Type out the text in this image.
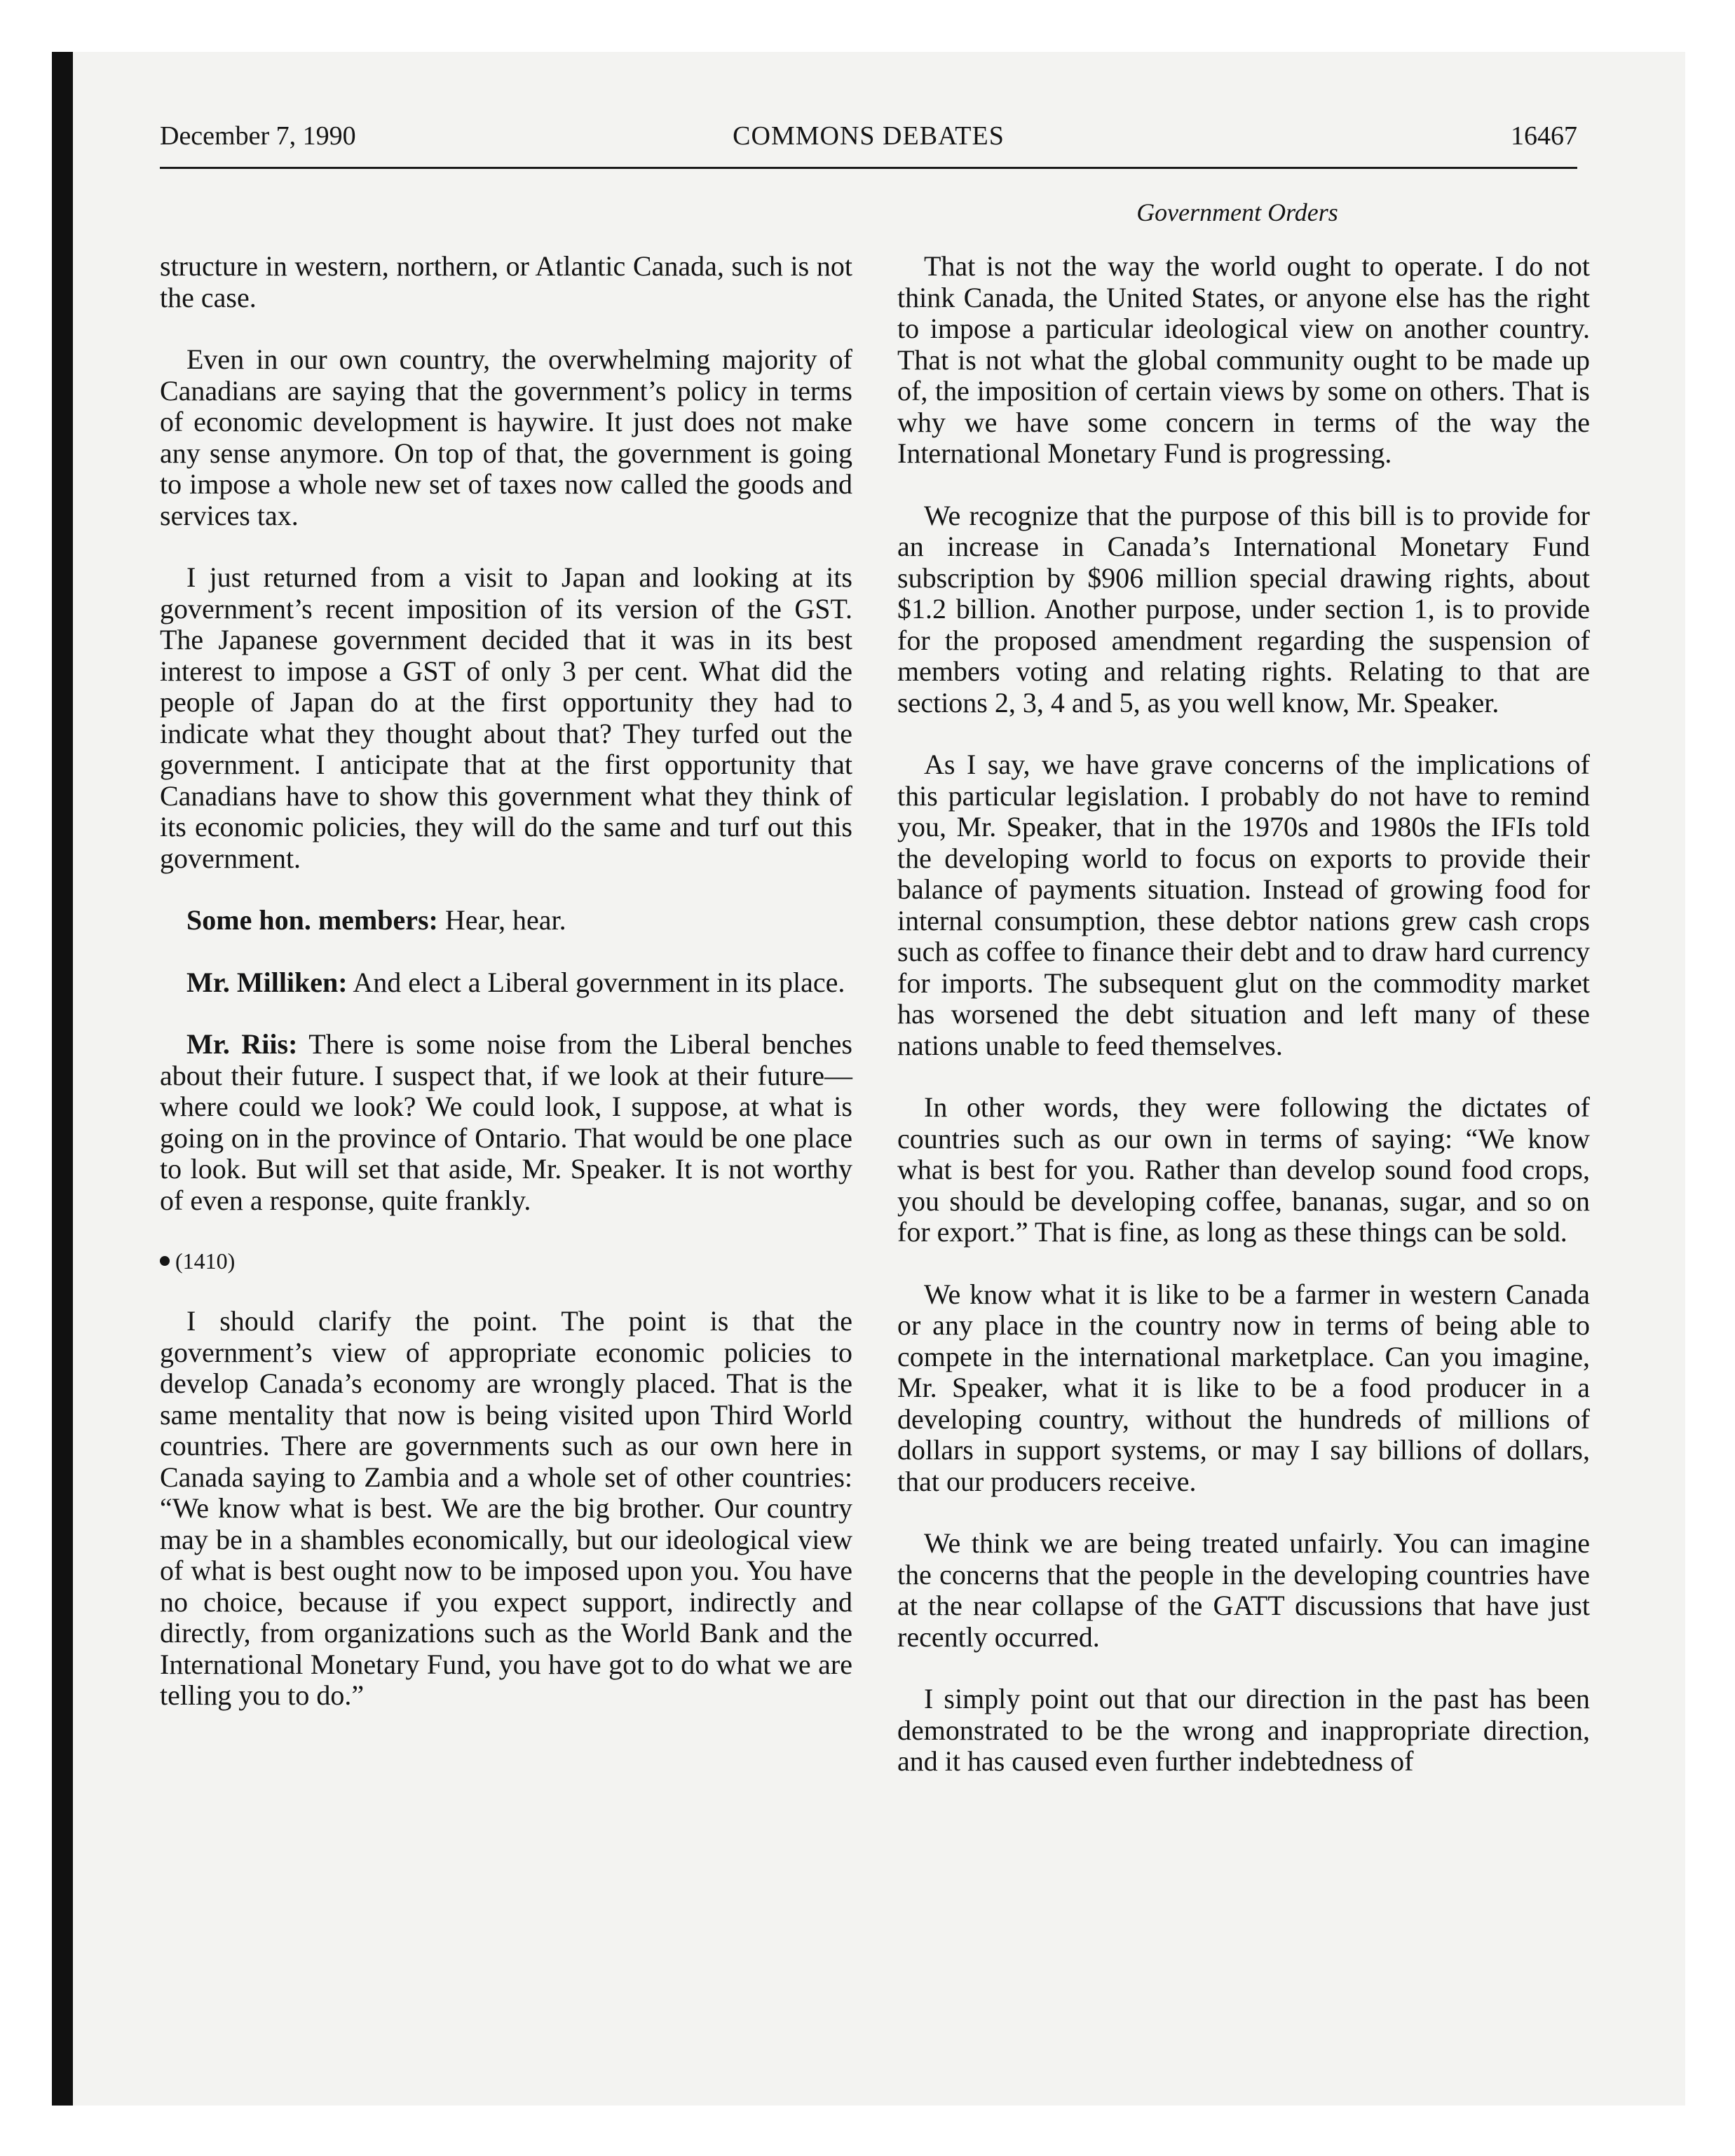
December 7, 1990	COMMONS DEBATES	16467
Government Orders

structure in western, northern, or Atlantic Canada, such is not the case.

Even in our own country, the overwhelming majority of Canadians are saying that the government’s policy in terms of economic development is haywire. It just does not make any sense anymore. On top of that, the government is going to impose a whole new set of taxes now called the goods and services tax.

I just returned from a visit to Japan and looking at its government’s recent imposition of its version of the GST. The Japanese government decided that it was in its best interest to impose a GST of only 3 per cent. What did the people of Japan do at the first opportunity they had to indicate what they thought about that? They turfed out the government. I anticipate that at the first opportunity that Canadians have to show this government what they think of its economic policies, they will do the same and turf out this government.

Some hon. members: Hear, hear.

Mr. Milliken: And elect a Liberal government in its place.

Mr. Riis: There is some noise from the Liberal benches about their future. I suspect that, if we look at their future—where could we look? We could look, I suppose, at what is going on in the province of Ontario. That would be one place to look. But will set that aside, Mr. Speaker. It is not worthy of even a response, quite frankly.

(1410)

I should clarify the point. The point is that the government’s view of appropriate economic policies to develop Canada’s economy are wrongly placed. That is the same mentality that now is being visited upon Third World countries. There are governments such as our own here in Canada saying to Zambia and a whole set of other countries: “We know what is best. We are the big brother. Our country may be in a shambles economically, but our ideological view of what is best ought now to be imposed upon you. You have no choice, because if you expect support, indirectly and directly, from organizations such as the World Bank and the International Monetary Fund, you have got to do what we are telling you to do.”

That is not the way the world ought to operate. I do not think Canada, the United States, or anyone else has the right to impose a particular ideological view on another country. That is not what the global community ought to be made up of, the imposition of certain views by some on others. That is why we have some concern in terms of the way the International Monetary Fund is progressing.

We recognize that the purpose of this bill is to provide for an increase in Canada’s International Monetary Fund subscription by $906 million special drawing rights, about $1.2 billion. Another purpose, under section 1, is to provide for the proposed amendment regarding the suspension of members voting and relating rights. Relating to that are sections 2, 3, 4 and 5, as you well know, Mr. Speaker.

As I say, we have grave concerns of the implications of this particular legislation. I probably do not have to remind you, Mr. Speaker, that in the 1970s and 1980s the IFIs told the developing world to focus on exports to provide their balance of payments situation. Instead of growing food for internal consumption, these debtor nations grew cash crops such as coffee to finance their debt and to draw hard currency for imports. The subsequent glut on the commodity market has worsened the debt situation and left many of these nations unable to feed themselves.

In other words, they were following the dictates of countries such as our own in terms of saying: “We know what is best for you. Rather than develop sound food crops, you should be developing coffee, bananas, sugar, and so on for export.” That is fine, as long as these things can be sold.

We know what it is like to be a farmer in western Canada or any place in the country now in terms of being able to compete in the international marketplace. Can you imagine, Mr. Speaker, what it is like to be a food producer in a developing country, without the hundreds of millions of dollars in support systems, or may I say billions of dollars, that our producers receive.

We think we are being treated unfairly. You can imagine the concerns that the people in the developing countries have at the near collapse of the GATT discussions that have just recently occurred.

I simply point out that our direction in the past has been demonstrated to be the wrong and inappropriate direction, and it has caused even further indebtedness of
